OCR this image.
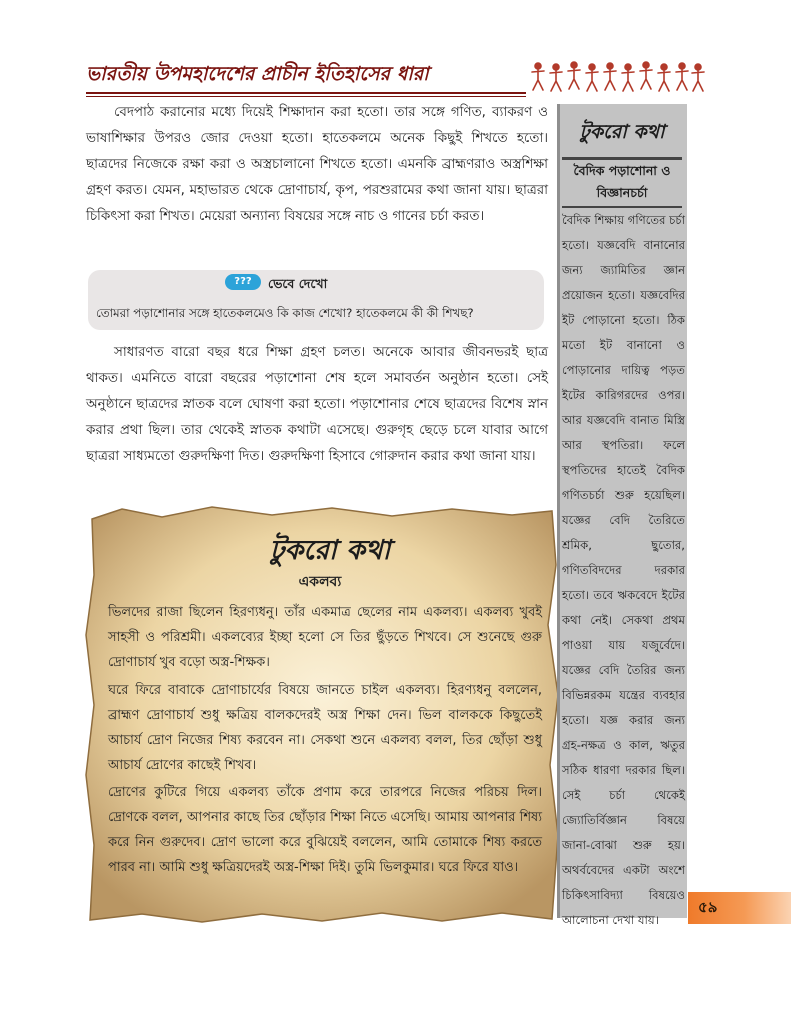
ভারতীয় উপমহাদেশের প্রাচীন ইতিহাসের ধারা

বেদপাঠ করানোর মধ্যে দিয়েই শিক্ষাদান করা হতো। তার সঙ্গে গণিত, ব্যাকরণ ও ভাষাশিক্ষার উপরও জোর দেওয়া হতো। হাতেকলমে অনেক কিছুই শিখতে হতো। ছাত্রদের নিজেকে রক্ষা করা ও অস্ত্রচালানো শিখতে হতো। এমনকি ব্রাহ্মণরাও অস্ত্রশিক্ষা গ্রহণ করত। যেমন, মহাভারত থেকে দ্রোণাচার্য, কৃপ, পরশুরামের কথা জানা যায়। ছাত্ররা চিকিৎসা করা শিখত। মেয়েরা অন্যান্য বিষয়ের সঙ্গে নাচ ও গানের চর্চা করত।

???	ভেবে দেখো
তোমরা পড়াশোনার সঙ্গে হাতেকলমেও কি কাজ শেখো? হাতেকলমে কী কী শিখছ?

সাধারণত বারো বছর ধরে শিক্ষা গ্রহণ চলত। অনেকে আবার জীবনভরই ছাত্র থাকত। এমনিতে বারো বছরের পড়াশোনা শেষ হলে সমাবর্তন অনুষ্ঠান হতো। সেই অনুষ্ঠানে ছাত্রদের স্নাতক বলে ঘোষণা করা হতো। পড়াশোনার শেষে ছাত্রদের বিশেষ স্নান করার প্রথা ছিল। তার থেকেই স্নাতক কথাটা এসেছে। গুরুগৃহ ছেড়ে চলে যাবার আগে ছাত্ররা সাধ্যমতো গুরুদক্ষিণা দিত। গুরুদক্ষিণা হিসাবে গোরুদান করার কথা জানা যায়।

টুকরো কথা
একলব্য

ভিলদের রাজা ছিলেন হিরণ্যধনু। তাঁর একমাত্র ছেলের নাম একলব্য। একলব্য খুবই সাহসী ও পরিশ্রমী। একলব্যের ইচ্ছা হলো সে তির ছুঁড়তে শিখবে। সে শুনেছে গুরু দ্রোণাচার্য খুব বড়ো অস্ত্র-শিক্ষক।

ঘরে ফিরে বাবাকে দ্রোণাচার্যের বিষয়ে জানতে চাইল একলব্য। হিরণ্যধনু বললেন, ব্রাহ্মণ দ্রোণাচার্য শুধু ক্ষত্রিয় বালকদেরই অস্ত্র শিক্ষা দেন। ভিল বালককে কিছুতেই আচার্য দ্রোণ নিজের শিষ্য করবেন না। সেকথা শুনে একলব্য বলল, তির ছোঁড়া শুধু আচার্য দ্রোণের কাছেই শিখব।

দ্রোণের কুটিরে গিয়ে একলব্য তাঁকে প্রণাম করে তারপরে নিজের পরিচয় দিল। দ্রোণকে বলল, আপনার কাছে তির ছোঁড়ার শিক্ষা নিতে এসেছি। আমায় আপনার শিষ্য করে নিন গুরুদেব। দ্রোণ ভালো করে বুঝিয়েই বললেন, আমি তোমাকে শিষ্য করতে পারব না। আমি শুধু ক্ষত্রিয়দেরই অস্ত্র-শিক্ষা দিই। তুমি ভিলকুমার। ঘরে ফিরে যাও।

টুকরো কথা
বৈদিক পড়াশোনা ও বিজ্ঞানচর্চা

বৈদিক শিক্ষায় গণিতের চর্চা হতো। যজ্ঞবেদি বানানোর জন্য জ্যামিতির জ্ঞান প্রয়োজন হতো। যজ্ঞবেদির ইট পোড়ানো হতো। ঠিক মতো ইট বানানো ও পোড়ানোর দায়িত্ব পড়ত ইটের কারিগরদের ওপর। আর যজ্ঞবেদি বানাত মিস্ত্রি আর স্থপতিরা। ফলে স্থপতিদের হাতেই বৈদিক গণিতচর্চা শুরু হয়েছিল। যজ্ঞের বেদি তৈরিতে শ্রমিক, ছুতোর, গণিতবিদদের দরকার হতো। তবে ঋকবেদে ইটের কথা নেই। সেকথা প্রথম পাওয়া যায় যজুর্বেদে। যজ্ঞের বেদি তৈরির জন্য বিভিন্নরকম যন্ত্রের ব্যবহার হতো। যজ্ঞ করার জন্য গ্রহ-নক্ষত্র ও কাল, ঋতুর সঠিক ধারণা দরকার ছিল। সেই চর্চা থেকেই জ্যোতির্বিজ্ঞান বিষয়ে জানা-বোঝা শুরু হয়। অথর্ববেদের একটা অংশে চিকিৎসাবিদ্যা বিষয়েও আলোচনা দেখা যায়।

৫৯
